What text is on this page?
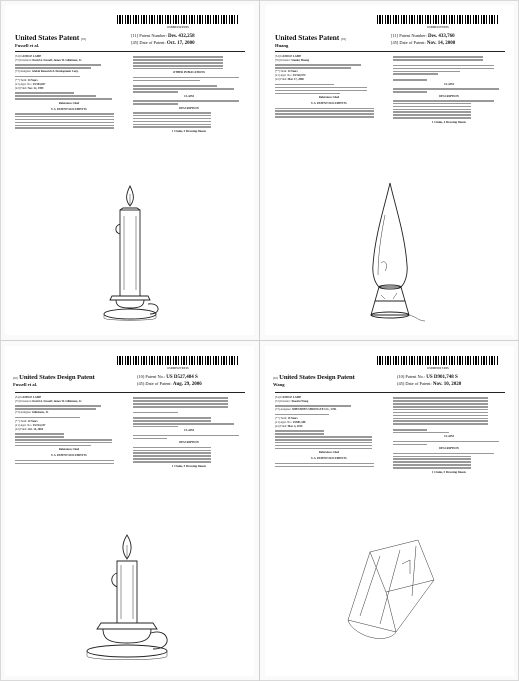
US00D432258S
United States Patent [19]
Fussell et al.
[11] Patent Number: Des. 432,258
[45] Date of Patent: Oct. 17, 2000
[54] CANDLE LAMP
[75] Inventors: David A. Fussell; James W. Gillettaux, Jr.
[73] Assignee: Global Research & Development Corp.
[**] Term: 14 Years
[21] Appl. No.: 29/104,837
[22] Filed: Nov. 22, 1999
References Cited
U.S. PATENT DOCUMENTS
OTHER PUBLICATIONS
CLAIM
DESCRIPTION
1 Claim, 5 Drawing Sheets
US00D433760S
United States Patent [19]
Huang
[11] Patent Number: Des. 433,760
[45] Date of Patent: Nov. 14, 2000
[54] CANDLE LAMP
[76] Inventor: Stanley Huang
[**] Term: 14 Years
[21] Appl. No.: 29/120,574
[22] Filed: Mar. 17, 2000
References Cited
U.S. PATENT DOCUMENTS
CLAIM
DESCRIPTION
1 Claim, 4 Drawing Sheets
US00D527484S
(10) United States Design Patent
Fussell et al.
(10) Patent No.: US D527,484 S
(45) Date of Patent: Aug. 29, 2006
(54) CANDLE LAMP
(75) Inventors: David A. Fussell; James W. Gillettaux, Jr.
(73) Assignee: Gillettaux, Jr.
(**) Term: 14 Years
(21) Appl. No.: 29/214,147
(22) Filed: Oct. 14, 2004
References Cited
U.S. PATENT DOCUMENTS
CLAIM
DESCRIPTION
1 Claim, 5 Drawing Sheets
US00D901748S
(10) United States Design Patent
Wang
(10) Patent No.: US D901,748 S
(45) Date of Patent: Nov. 10, 2020
(54) CANDLE LAMP
(72) Inventor: Xiaoxin Wang
(73) Assignee: SHENZHEN SHIJINGYE CO., LTD.
(**) Term: 15 Years
(21) Appl. No.: 29/681,188
(22) Filed: Mar. 4, 2019
References Cited
U.S. PATENT DOCUMENTS
CLAIM
DESCRIPTION
1 Claim, 5 Drawing Sheets
